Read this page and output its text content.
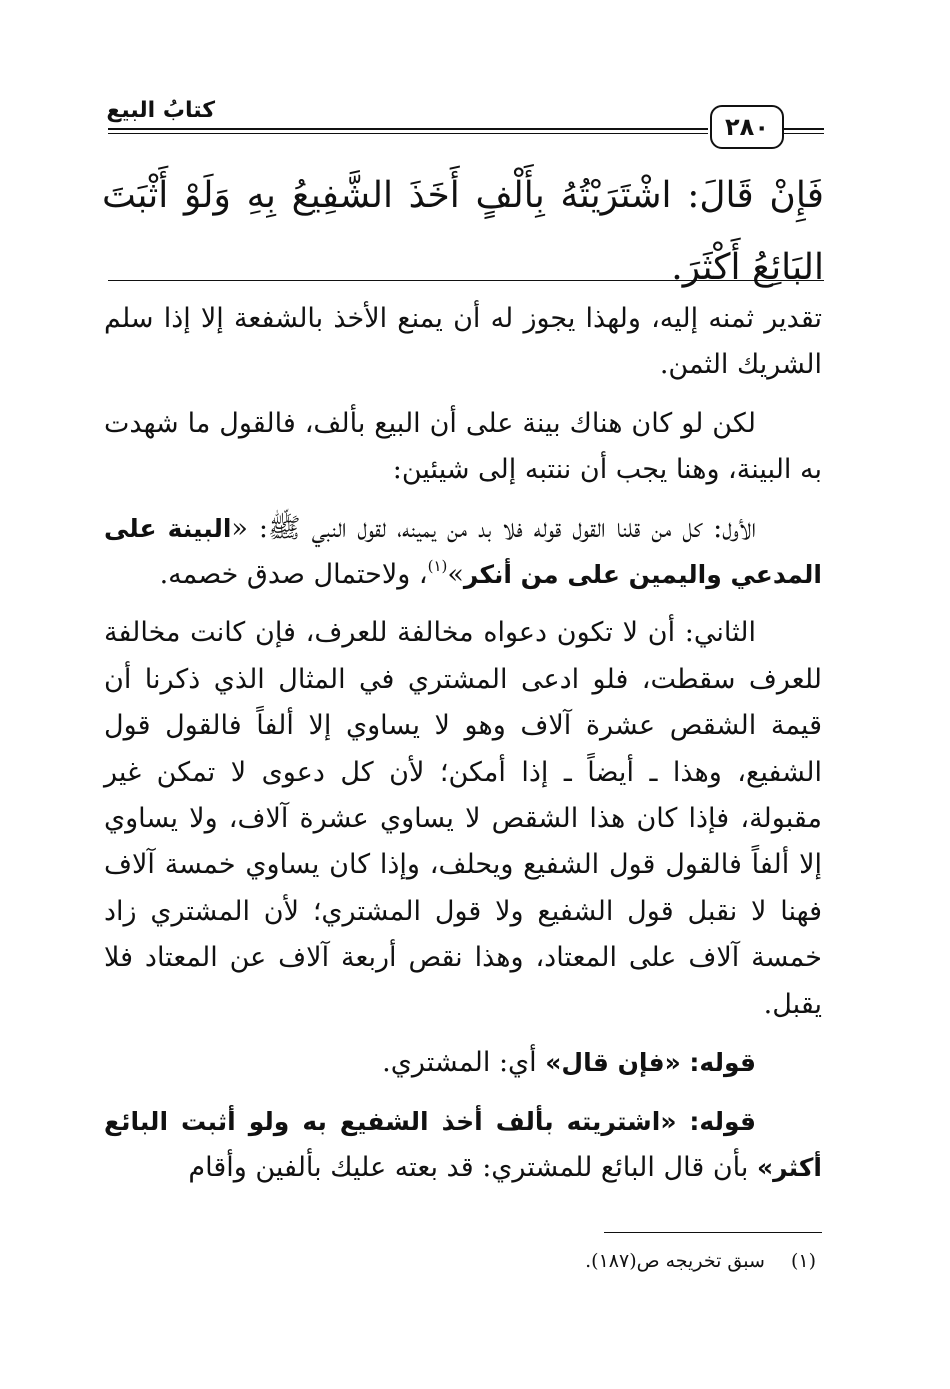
٢٨٠
كتابُ البيع
فَإِنْ قَالَ: اشْتَرَيْتُهُ بِأَلْفٍ أَخَذَ الشَّفِيعُ بِهِ وَلَوْ أَثْبَتَ البَائِعُ أَكْثَرَ.

تقدير ثمنه إليه، ولهذا يجوز له أن يمنع الأخذ بالشفعة إلا إذا سلم الشريك الثمن.

لكن لو كان هناك بينة على أن البيع بألف، فالقول ما شهدت به البينة، وهنا يجب أن ننتبه إلى شيئين:

الأول: كل من قلنا القول قوله فلا بد من يمينه، لقول النبي ﷺ: «البينة على المدعي واليمين على من أنكر»$^{(١)}$، ولاحتمال صدق خصمه.

الثاني: أن لا تكون دعواه مخالفة للعرف، فإن كانت مخالفة للعرف سقطت، فلو ادعى المشتري في المثال الذي ذكرنا أن قيمة الشقص عشرة آلاف وهو لا يساوي إلا ألفاً فالقول قول الشفيع، وهذا ـ أيضاً ـ إذا أمكن؛ لأن كل دعوى لا تمكن غير مقبولة، فإذا كان هذا الشقص لا يساوي عشرة آلاف، ولا يساوي إلا ألفاً فالقول قول الشفيع ويحلف، وإذا كان يساوي خمسة آلاف فهنا لا نقبل قول الشفيع ولا قول المشتري؛ لأن المشتري زاد خمسة آلاف على المعتاد، وهذا نقص أربعة آلاف عن المعتاد فلا يقبل.

قوله: «فإن قال» أي: المشتري.

قوله: «اشتريته بألف أخذ الشفيع به ولو أثبت البائع أكثر» بأن قال البائع للمشتري: قد بعته عليك بألفين وأقام

(١)سبق تخريجه ص(١٨٧).
